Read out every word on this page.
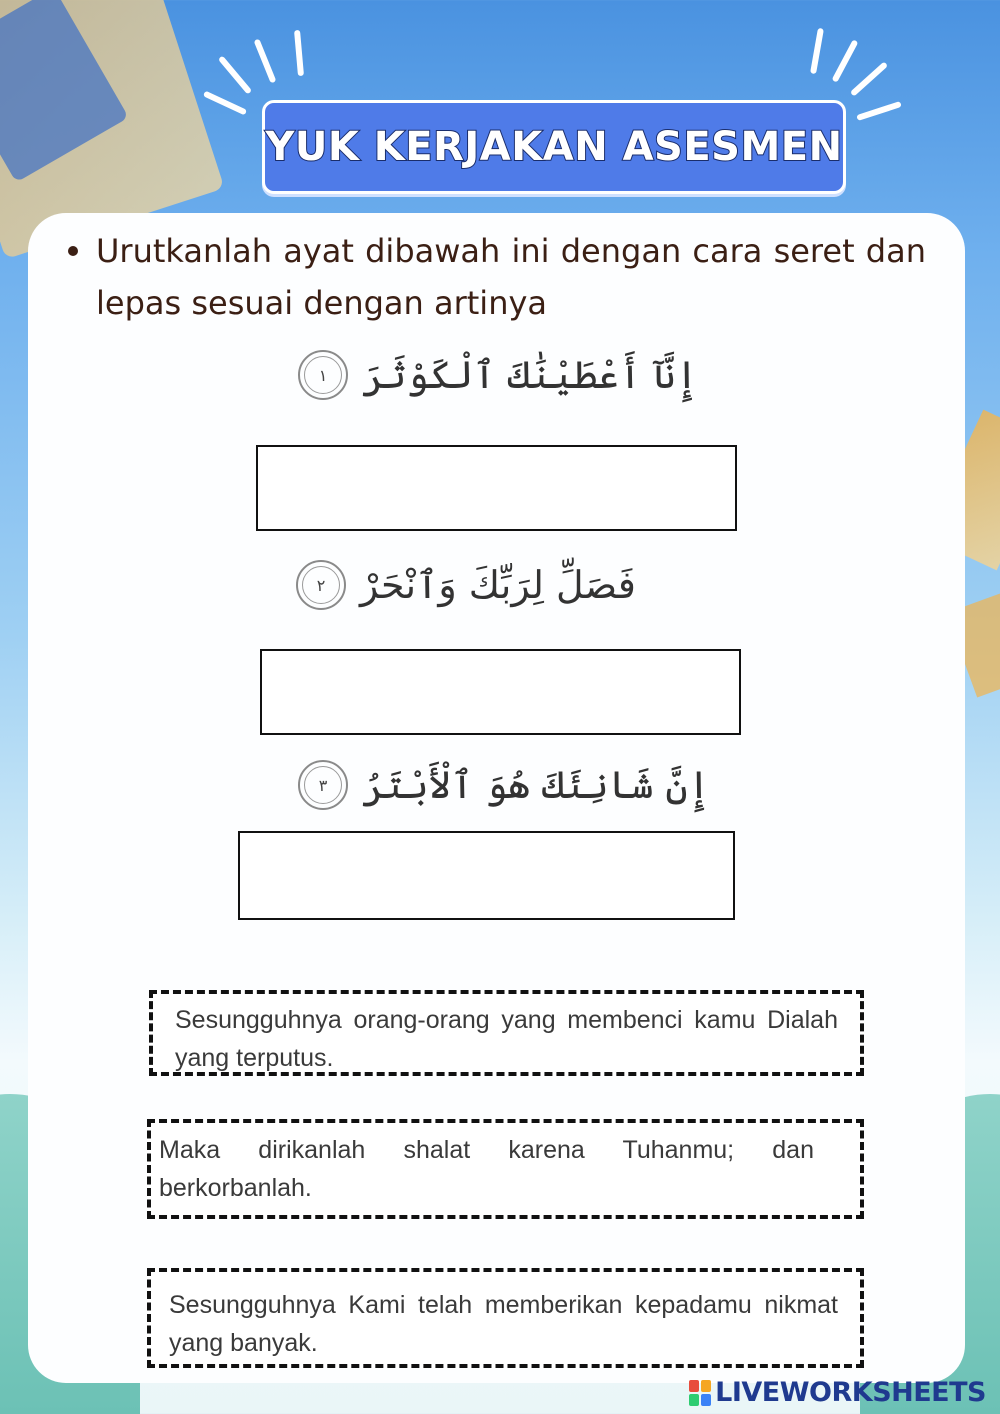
YUK KERJAKAN ASESMEN
Urutkanlah ayat dibawah ini dengan cara seret dan lepas sesuai dengan artinya
إِنَّآ أَعْطَيْنَٰكَ ٱلْكَوْثَرَ
١
فَصَلِّ لِرَبِّكَ وَٱنْحَرْ
٢
إِنَّ شَانِئَكَ هُوَ ٱلْأَبْتَرُ
٣
Sesungguhnya orang-orang yang membenci kamu Dialah yang terputus.
Maka dirikanlah shalat karena Tuhanmu; dan berkorbanlah.
Sesungguhnya Kami telah memberikan kepadamu nikmat yang banyak.
LIVEWORKSHEETS
